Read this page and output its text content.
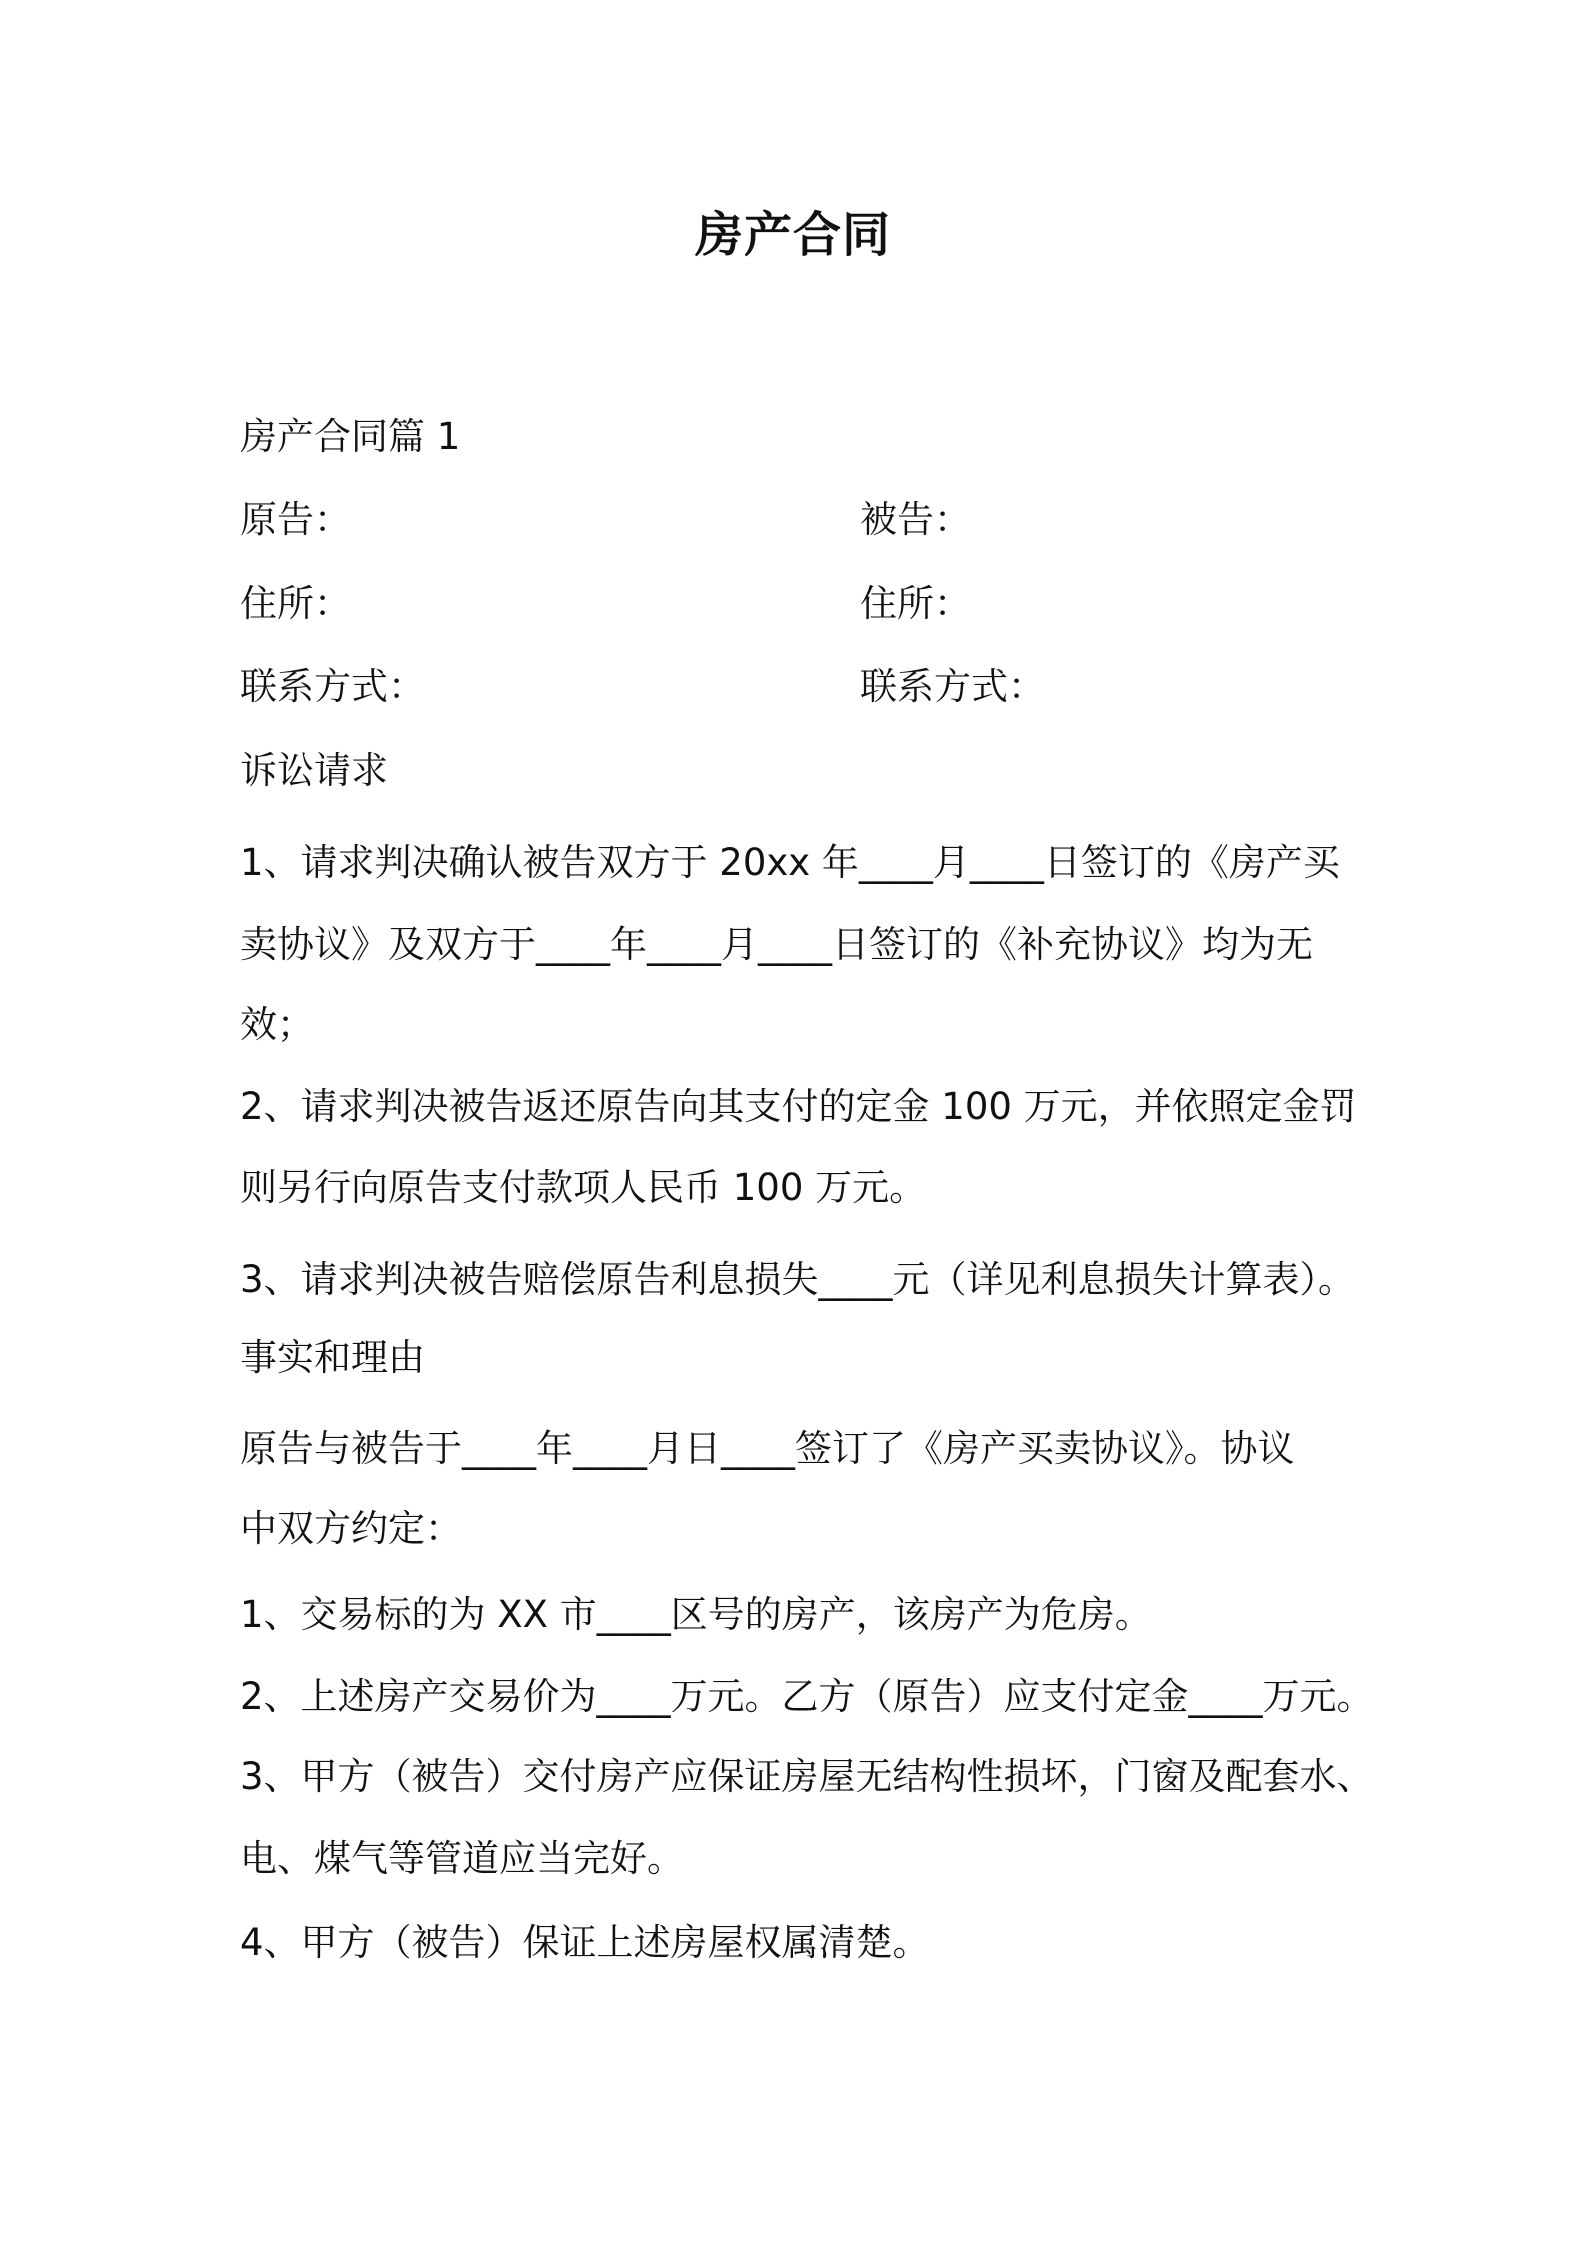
房产合同
房产合同篇 1
原告：	被告：
住所：	住所：
联系方式：	联系方式：
诉讼请求
1、请求判决确认被告双方于 20xx 年____月____日签订的《房产买
卖协议》及双方于____年____月____日签订的《补充协议》均为无
效；
2、请求判决被告返还原告向其支付的定金 100 万元，并依照定金罚
则另行向原告支付款项人民币 100 万元。
3、请求判决被告赔偿原告利息损失____元（详见利息损失计算表）。
事实和理由
原告与被告于____年____月日____签订了《房产买卖协议》。协议
中双方约定：
1、交易标的为 XX 市____区号的房产，该房产为危房。
2、上述房产交易价为____万元。乙方（原告）应支付定金____万元。
3、甲方（被告）交付房产应保证房屋无结构性损坏，门窗及配套水、
电、煤气等管道应当完好。
4、甲方（被告）保证上述房屋权属清楚。
